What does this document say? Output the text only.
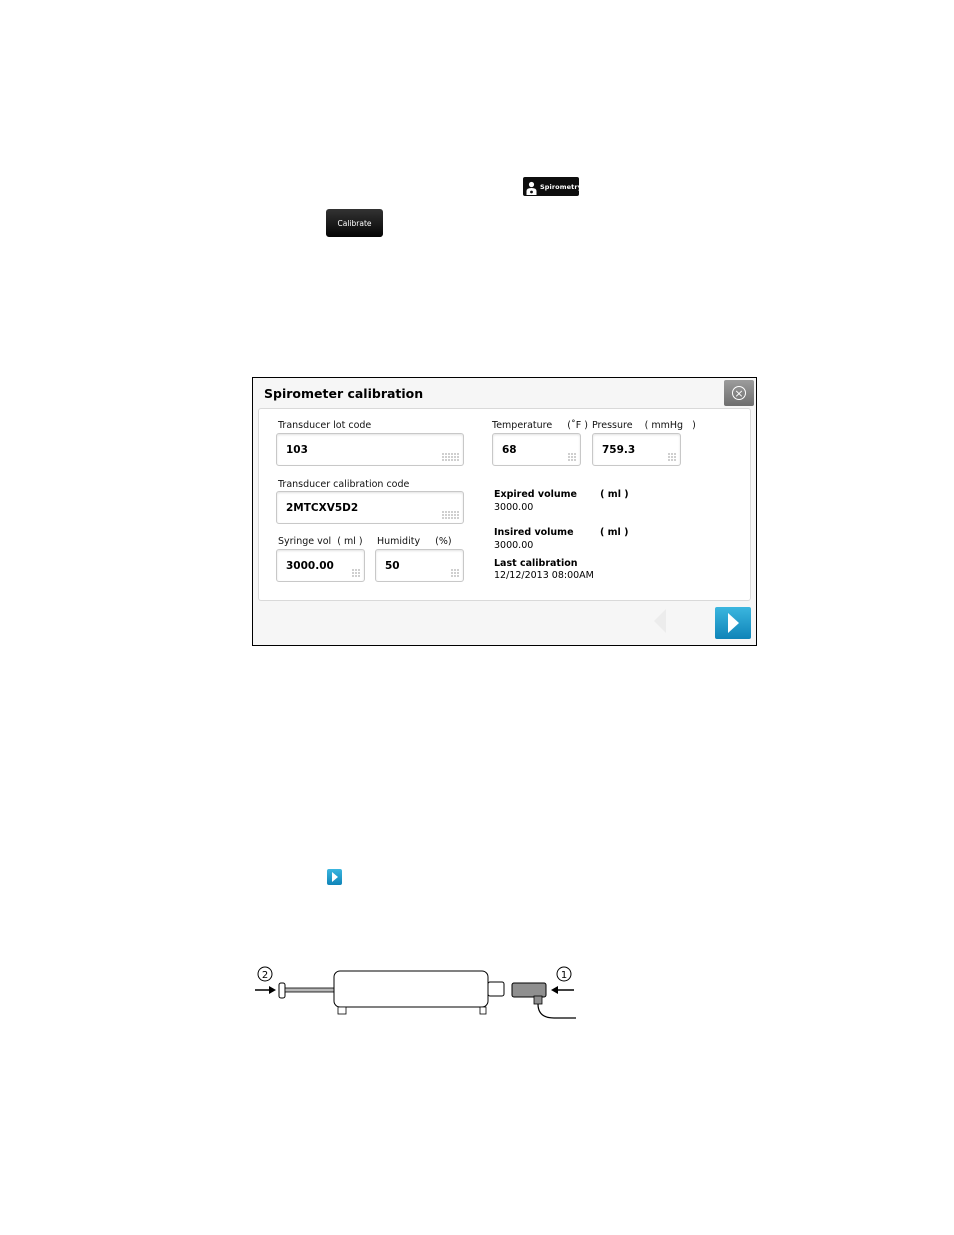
Spirometry
Calibrate
Spirometer calibration	×
Transducer lot code
103
Transducer calibration code
2MTCXV5D2
Syringe vol  ( ml )
3000.00
Humidity     (%)
50
Temperature     (˚F )
68
Pressure    ( mmHg   )
759.3
Expired volume       ( ml )
3000.00
Insired volume        ( ml )
3000.00
Last calibration
12/12/2013 08:00AM
2	1
